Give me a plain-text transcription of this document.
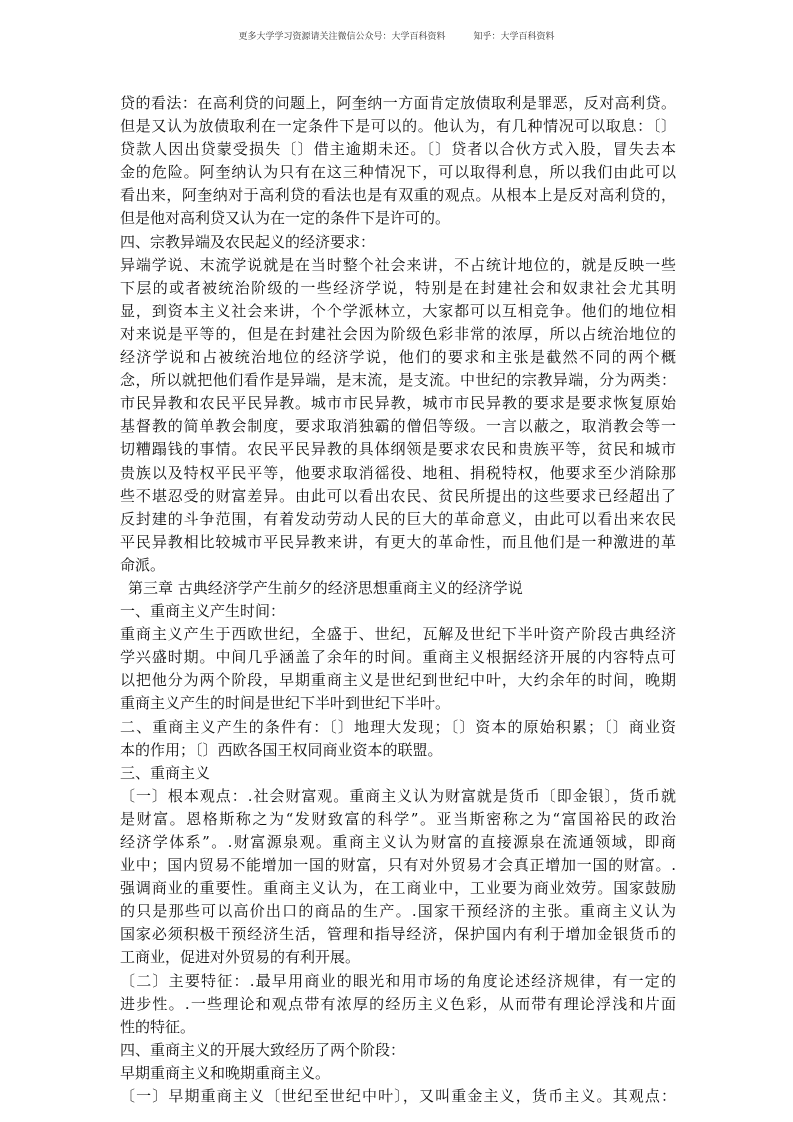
更多大学学习资源请关注微信公众号：大学百科资料	知乎：大学百科资料
贷的看法：在高利贷的问题上，阿奎纳一方面肯定放债取利是罪恶，反对高利贷。
但是又认为放债取利在一定条件下是可以的。他认为，有几种情况可以取息：〔〕
贷款人因出贷蒙受损失〔〕借主逾期未还。〔〕贷者以合伙方式入股，冒失去本
金的危险。阿奎纳认为只有在这三种情况下，可以取得利息，所以我们由此可以
看出来，阿奎纳对于高利贷的看法也是有双重的观点。从根本上是反对高利贷的，
但是他对高利贷又认为在一定的条件下是许可的。
四、宗教异端及农民起义的经济要求：
异端学说、末流学说就是在当时整个社会来讲，不占统计地位的，就是反映一些
下层的或者被统治阶级的一些经济学说，特别是在封建社会和奴隶社会尤其明
显，到资本主义社会来讲，个个学派林立，大家都可以互相竞争。他们的地位相
对来说是平等的，但是在封建社会因为阶级色彩非常的浓厚，所以占统治地位的
经济学说和占被统治地位的经济学说，他们的要求和主张是截然不同的两个概
念，所以就把他们看作是异端，是末流，是支流。中世纪的宗教异端，分为两类：
市民异教和农民平民异教。城市市民异教，城市市民异教的要求是要求恢复原始
基督教的简单教会制度，要求取消独霸的僧侣等级。一言以蔽之，取消教会等一
切糟蹋钱的事情。农民平民异教的具体纲领是要求农民和贵族平等，贫民和城市
贵族以及特权平民平等，他要求取消徭役、地租、捐税特权，他要求至少消除那
些不堪忍受的财富差异。由此可以看出农民、贫民所提出的这些要求已经超出了
反封建的斗争范围，有着发动劳动人民的巨大的革命意义，由此可以看出来农民
平民异教相比较城市平民异教来讲，有更大的革命性，而且他们是一种激进的革
命派。
第三章 古典经济学产生前夕的经济思想重商主义的经济学说
一、重商主义产生时间：
重商主义产生于西欧世纪，全盛于、世纪，瓦解及世纪下半叶资产阶段古典经济
学兴盛时期。中间几乎涵盖了余年的时间。重商主义根据经济开展的内容特点可
以把他分为两个阶段，早期重商主义是世纪到世纪中叶，大约余年的时间，晚期
重商主义产生的时间是世纪下半叶到世纪下半叶。
二、重商主义产生的条件有：〔〕地理大发现；〔〕资本的原始积累；〔〕商业资
本的作用；〔〕西欧各国王权同商业资本的联盟。
三、重商主义
〔一〕根本观点：.社会财富观。重商主义认为财富就是货币〔即金银〕，货币就
是财富。恩格斯称之为“发财致富的科学”。亚当斯密称之为“富国裕民的政治
经济学体系”。.财富源泉观。重商主义认为财富的直接源泉在流通领域，即商
业中；国内贸易不能增加一国的财富，只有对外贸易才会真正增加一国的财富。.
强调商业的重要性。重商主义认为，在工商业中，工业要为商业效劳。国家鼓励
的只是那些可以高价出口的商品的生产。.国家干预经济的主张。重商主义认为
国家必须积极干预经济生活，管理和指导经济，保护国内有利于增加金银货币的
工商业，促进对外贸易的有利开展。
〔二〕主要特征：.最早用商业的眼光和用市场的角度论述经济规律，有一定的
进步性。.一些理论和观点带有浓厚的经历主义色彩，从而带有理论浮浅和片面
性的特征。
四、重商主义的开展大致经历了两个阶段：
早期重商主义和晚期重商主义。
〔一〕早期重商主义〔世纪至世纪中叶〕，又叫重金主义，货币主义。其观点：
